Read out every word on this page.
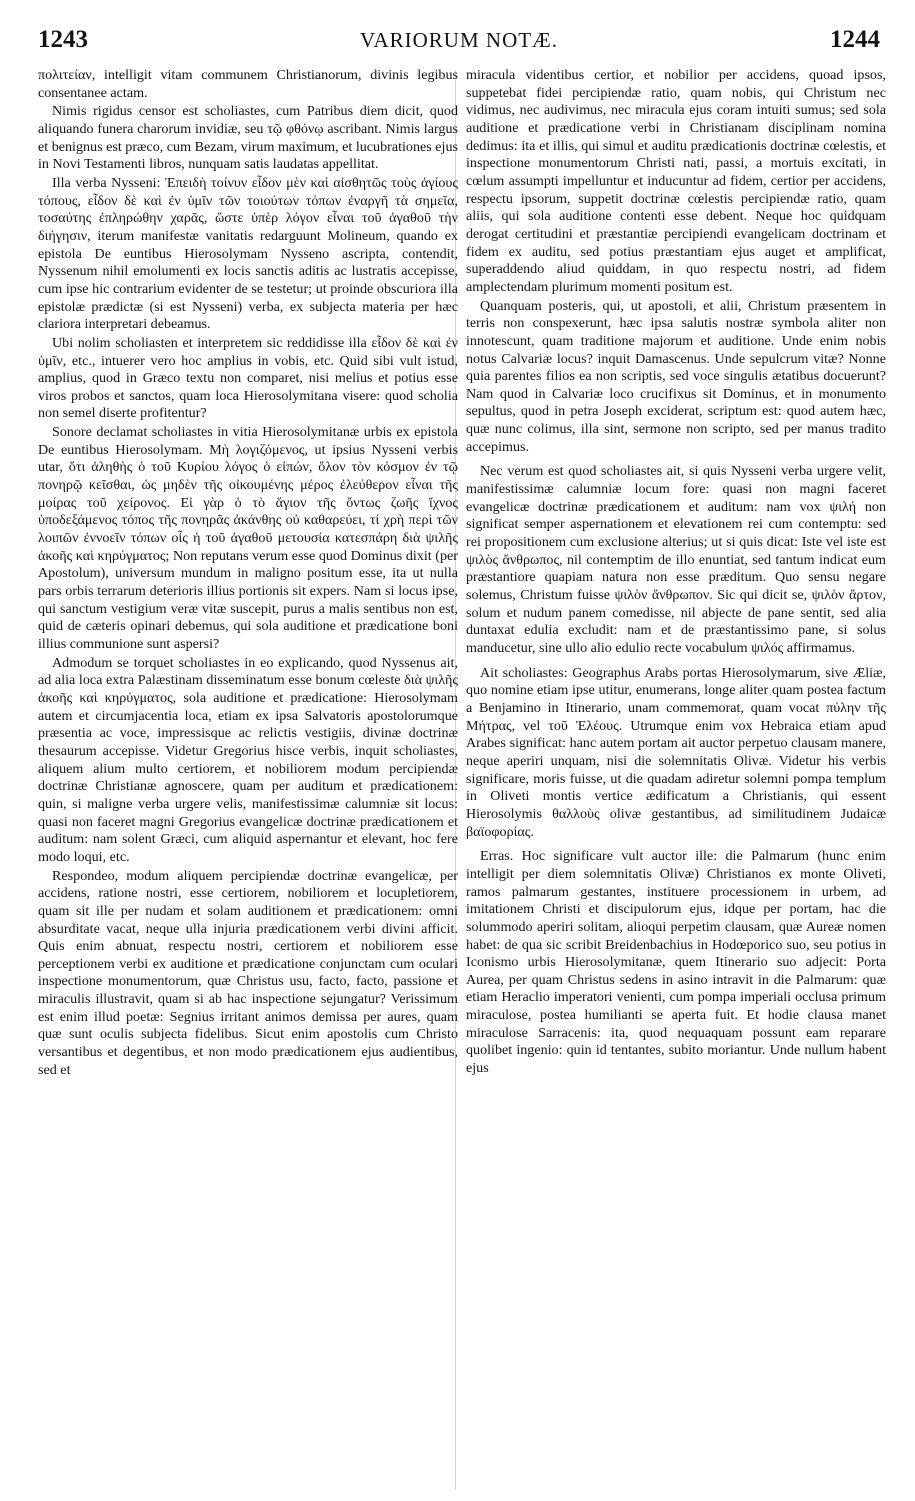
1243	VARIORUM NOTÆ.	1244

πολιτείαν, intelligit vitam communem Christianorum, divinis legibus consentanee actam.

Nimis rigidus censor est scholiastes, cum Patribus diem dicit, quod aliquando funera charorum invidiæ, seu τῷ φθόνῳ ascribant. Nimis largus et benignus est præco, cum Bezam, virum maximum, et lucubrationes ejus in Novi Testamenti libros, nunquam satis laudatas appellitat.

Illa verba Nysseni: Ἐπειδὴ τοίνυν εἶδον μὲν καὶ αἰσθητῶς τοὺς ἁγίους τόπους, εἶδον δὲ καὶ ἐν ὑμῖν τῶν τοιούτων τόπων ἐναργῆ τὰ σημεῖα, τοσαύτης ἐπληρώθην χαρᾶς, ὥστε ὑπὲρ λόγον εἶναι τοῦ ἀγαθοῦ τὴν διήγησιν, iterum manifestæ vanitatis redarguunt Molineum, quando ex epistola De euntibus Hierosolymam Nysseno ascripta, contendit, Nyssenum nihil emolumenti ex locis sanctis aditis ac lustratis accepisse, cum ipse hic contrarium evidenter de se testetur; ut proinde obscuriora illa epistolæ prædictæ (si est Nysseni) verba, ex subjecta materia per hæc clariora interpretari debeamus.

Ubi nolim scholiasten et interpretem sic reddidisse illa εἶδον δὲ καὶ ἐν ὑμῖν, etc., intuerer vero hoc amplius in vobis, etc. Quid sibi vult istud, amplius, quod in Græco textu non comparet, nisi melius et potius esse viros probos et sanctos, quam loca Hierosolymitana visere: quod scholia non semel diserte profitentur?

Sonore declamat scholiastes in vitia Hierosolymitanæ urbis ex epistola De euntibus Hierosolymam. Μὴ λογιζόμενος, ut ipsius Nysseni verbis utar, ὅτι ἀληθὴς ὁ τοῦ Κυρίου λόγος ὁ εἰπών, ὅλον τὸν κόσμον ἐν τῷ πονηρῷ κεῖσθαι, ὡς μηδὲν τῆς οἰκουμένης μέρος ἐλεύθερον εἶναι τῆς μοίρας τοῦ χείρονος. Εἰ γὰρ ὁ τὸ ἅγιον τῆς ὄντως ζωῆς ἴχνος ὑποδεξάμενος τόπος τῆς πονηρᾶς ἀκάνθης οὐ καθαρεύει, τί χρὴ περὶ τῶν λοιπῶν ἐννοεῖν τόπων οἷς ἡ τοῦ ἀγαθοῦ μετουσία κατεσπάρη διὰ ψιλῆς ἀκοῆς καὶ κηρύγματος; Non reputans verum esse quod Dominus dixit (per Apostolum), universum mundum in maligno positum esse, ita ut nulla pars orbis terrarum deterioris illius portionis sit expers. Nam si locus ipse, qui sanctum vestigium veræ vitæ suscepit, purus a malis sentibus non est, quid de cæteris opinari debemus, qui sola auditione et prædicatione boni illius communione sunt aspersi?

Admodum se torquet scholiastes in eo explicando, quod Nyssenus ait, ad alia loca extra Palæstinam disseminatum esse bonum cœleste διὰ ψιλῆς ἀκοῆς καὶ κηρύγματος, sola auditione et prædicatione: Hierosolymam autem et circumjacentia loca, etiam ex ipsa Salvatoris apostolorumque præsentia ac voce, impressisque ac relictis vestigiis, divinæ doctrinæ thesaurum accepisse. Videtur Gregorius hisce verbis, inquit scholiastes, aliquem alium multo certiorem, et nobiliorem modum percipiendæ doctrinæ Christianæ agnoscere, quam per auditum et prædicationem: quin, si maligne verba urgere velis, manifestissimæ calumniæ sit locus: quasi non faceret magni Gregorius evangelicæ doctrinæ prædicationem et auditum: nam solent Græci, cum aliquid aspernantur et elevant, hoc fere modo loqui, etc.

Respondeo, modum aliquem percipiendæ doctrinæ evangelicæ, per accidens, ratione nostri, esse certiorem, nobiliorem et locupletiorem, quam sit ille per nudam et solam auditionem et prædicationem: omni absurditate vacat, neque ulla injuria prædicationem verbi divini afficit. Quis enim abnuat, respectu nostri, certiorem et nobiliorem esse perceptionem verbi ex auditione et prædicatione conjunctam cum oculari inspectione monumentorum, quæ Christus usu, facto, facto, passione et miraculis illustravit, quam si ab hac inspectione sejungatur? Verissimum est enim illud poetæ: Segnius irritant animos demissa per aures, quam quæ sunt oculis subjecta fidelibus. Sicut enim apostolis cum Christo versantibus et degentibus, et non modo prædicationem ejus audientibus, sed et

miracula videntibus certior, et nobilior per accidens, quoad ipsos, suppetebat fidei percipiendæ ratio, quam nobis, qui Christum nec vidimus, nec audivimus, nec miracula ejus coram intuiti sumus; sed sola auditione et prædicatione verbi in Christianam disciplinam nomina dedimus: ita et illis, qui simul et auditu prædicationis doctrinæ cœlestis, et inspectione monumentorum Christi nati, passi, a mortuis excitati, in cœlum assumpti impelluntur et inducuntur ad fidem, certior per accidens, respectu ipsorum, suppetit doctrinæ cœlestis percipiendæ ratio, quam aliis, qui sola auditione contenti esse debent. Neque hoc quidquam derogat certitudini et præstantiæ percipiendi evangelicam doctrinam et fidem ex auditu, sed potius præstantiam ejus auget et amplificat, superaddendo aliud quiddam, in quo respectu nostri, ad fidem amplectendam plurimum momenti positum est.

Quanquam posteris, qui, ut apostoli, et alii, Christum præsentem in terris non conspexerunt, hæc ipsa salutis nostræ symbola aliter non innotescunt, quam traditione majorum et auditione. Unde enim nobis notus Calvariæ locus? inquit Damascenus. Unde sepulcrum vitæ? Nonne quia parentes filios ea non scriptis, sed voce singulis ætatibus docuerunt? Nam quod in Calvariæ loco crucifixus sit Dominus, et in monumento sepultus, quod in petra Joseph exciderat, scriptum est: quod autem hæc, quæ nunc colimus, illa sint, sermone non scripto, sed per manus tradito accepimus.

Nec verum est quod scholiastes ait, si quis Nysseni verba urgere velit, manifestissimæ calumniæ locum fore: quasi non magni faceret evangelicæ doctrinæ prædicationem et auditum: nam vox ψιλή non significat semper aspernationem et elevationem rei cum contemptu: sed rei propositionem cum exclusione alterius; ut si quis dicat: Iste vel iste est ψιλὸς ἄνθρωπος, nil contemptim de illo enuntiat, sed tantum indicat eum præstantiore quapiam natura non esse præditum. Quo sensu negare solemus, Christum fuisse ψιλὸν ἄνθρωπον. Sic qui dicit se, ψιλὸν ἄρτον, solum et nudum panem comedisse, nil abjecte de pane sentit, sed alia duntaxat edulia excludit: nam et de præstantissimo pane, si solus manducetur, sine ullo alio edulio recte vocabulum ψιλός affirmamus.

Ait scholiastes: Geographus Arabs portas Hierosolymarum, sive Æliæ, quo nomine etiam ipse utitur, enumerans, longe aliter quam postea factum a Benjamino in Itinerario, unam commemorat, quam vocat πύλην τῆς Μήτρας, vel τοῦ Ἐλέους. Utrumque enim vox Hebraica etiam apud Arabes significat: hanc autem portam ait auctor perpetuo clausam manere, neque aperiri unquam, nisi die solemnitatis Olivæ. Videtur his verbis significare, moris fuisse, ut die quadam adiretur solemni pompa templum in Oliveti montis vertice ædificatum a Christianis, qui essent Hierosolymis θαλλοὺς olivæ gestantibus, ad similitudinem Judaicæ βαϊοφορίας.

Erras. Hoc significare vult auctor ille: die Palmarum (hunc enim intelligit per diem solemnitatis Olivæ) Christianos ex monte Oliveti, ramos palmarum gestantes, instituere processionem in urbem, ad imitationem Christi et discipulorum ejus, idque per portam, hac die solummodo aperiri solitam, alioqui perpetim clausam, quæ Aureæ nomen habet: de qua sic scribit Breidenbachius in Hodœporico suo, seu potius in Iconismo urbis Hierosolymitanæ, quem Itinerario suo adjecit: Porta Aurea, per quam Christus sedens in asino intravit in die Palmarum: quæ etiam Heraclio imperatori venienti, cum pompa imperiali occlusa primum miraculose, postea humilianti se aperta fuit. Et hodie clausa manet miraculose Sarracenis: ita, quod nequaquam possunt eam reparare quolibet ingenio: quin id tentantes, subito moriantur. Unde nullum habent ejus
